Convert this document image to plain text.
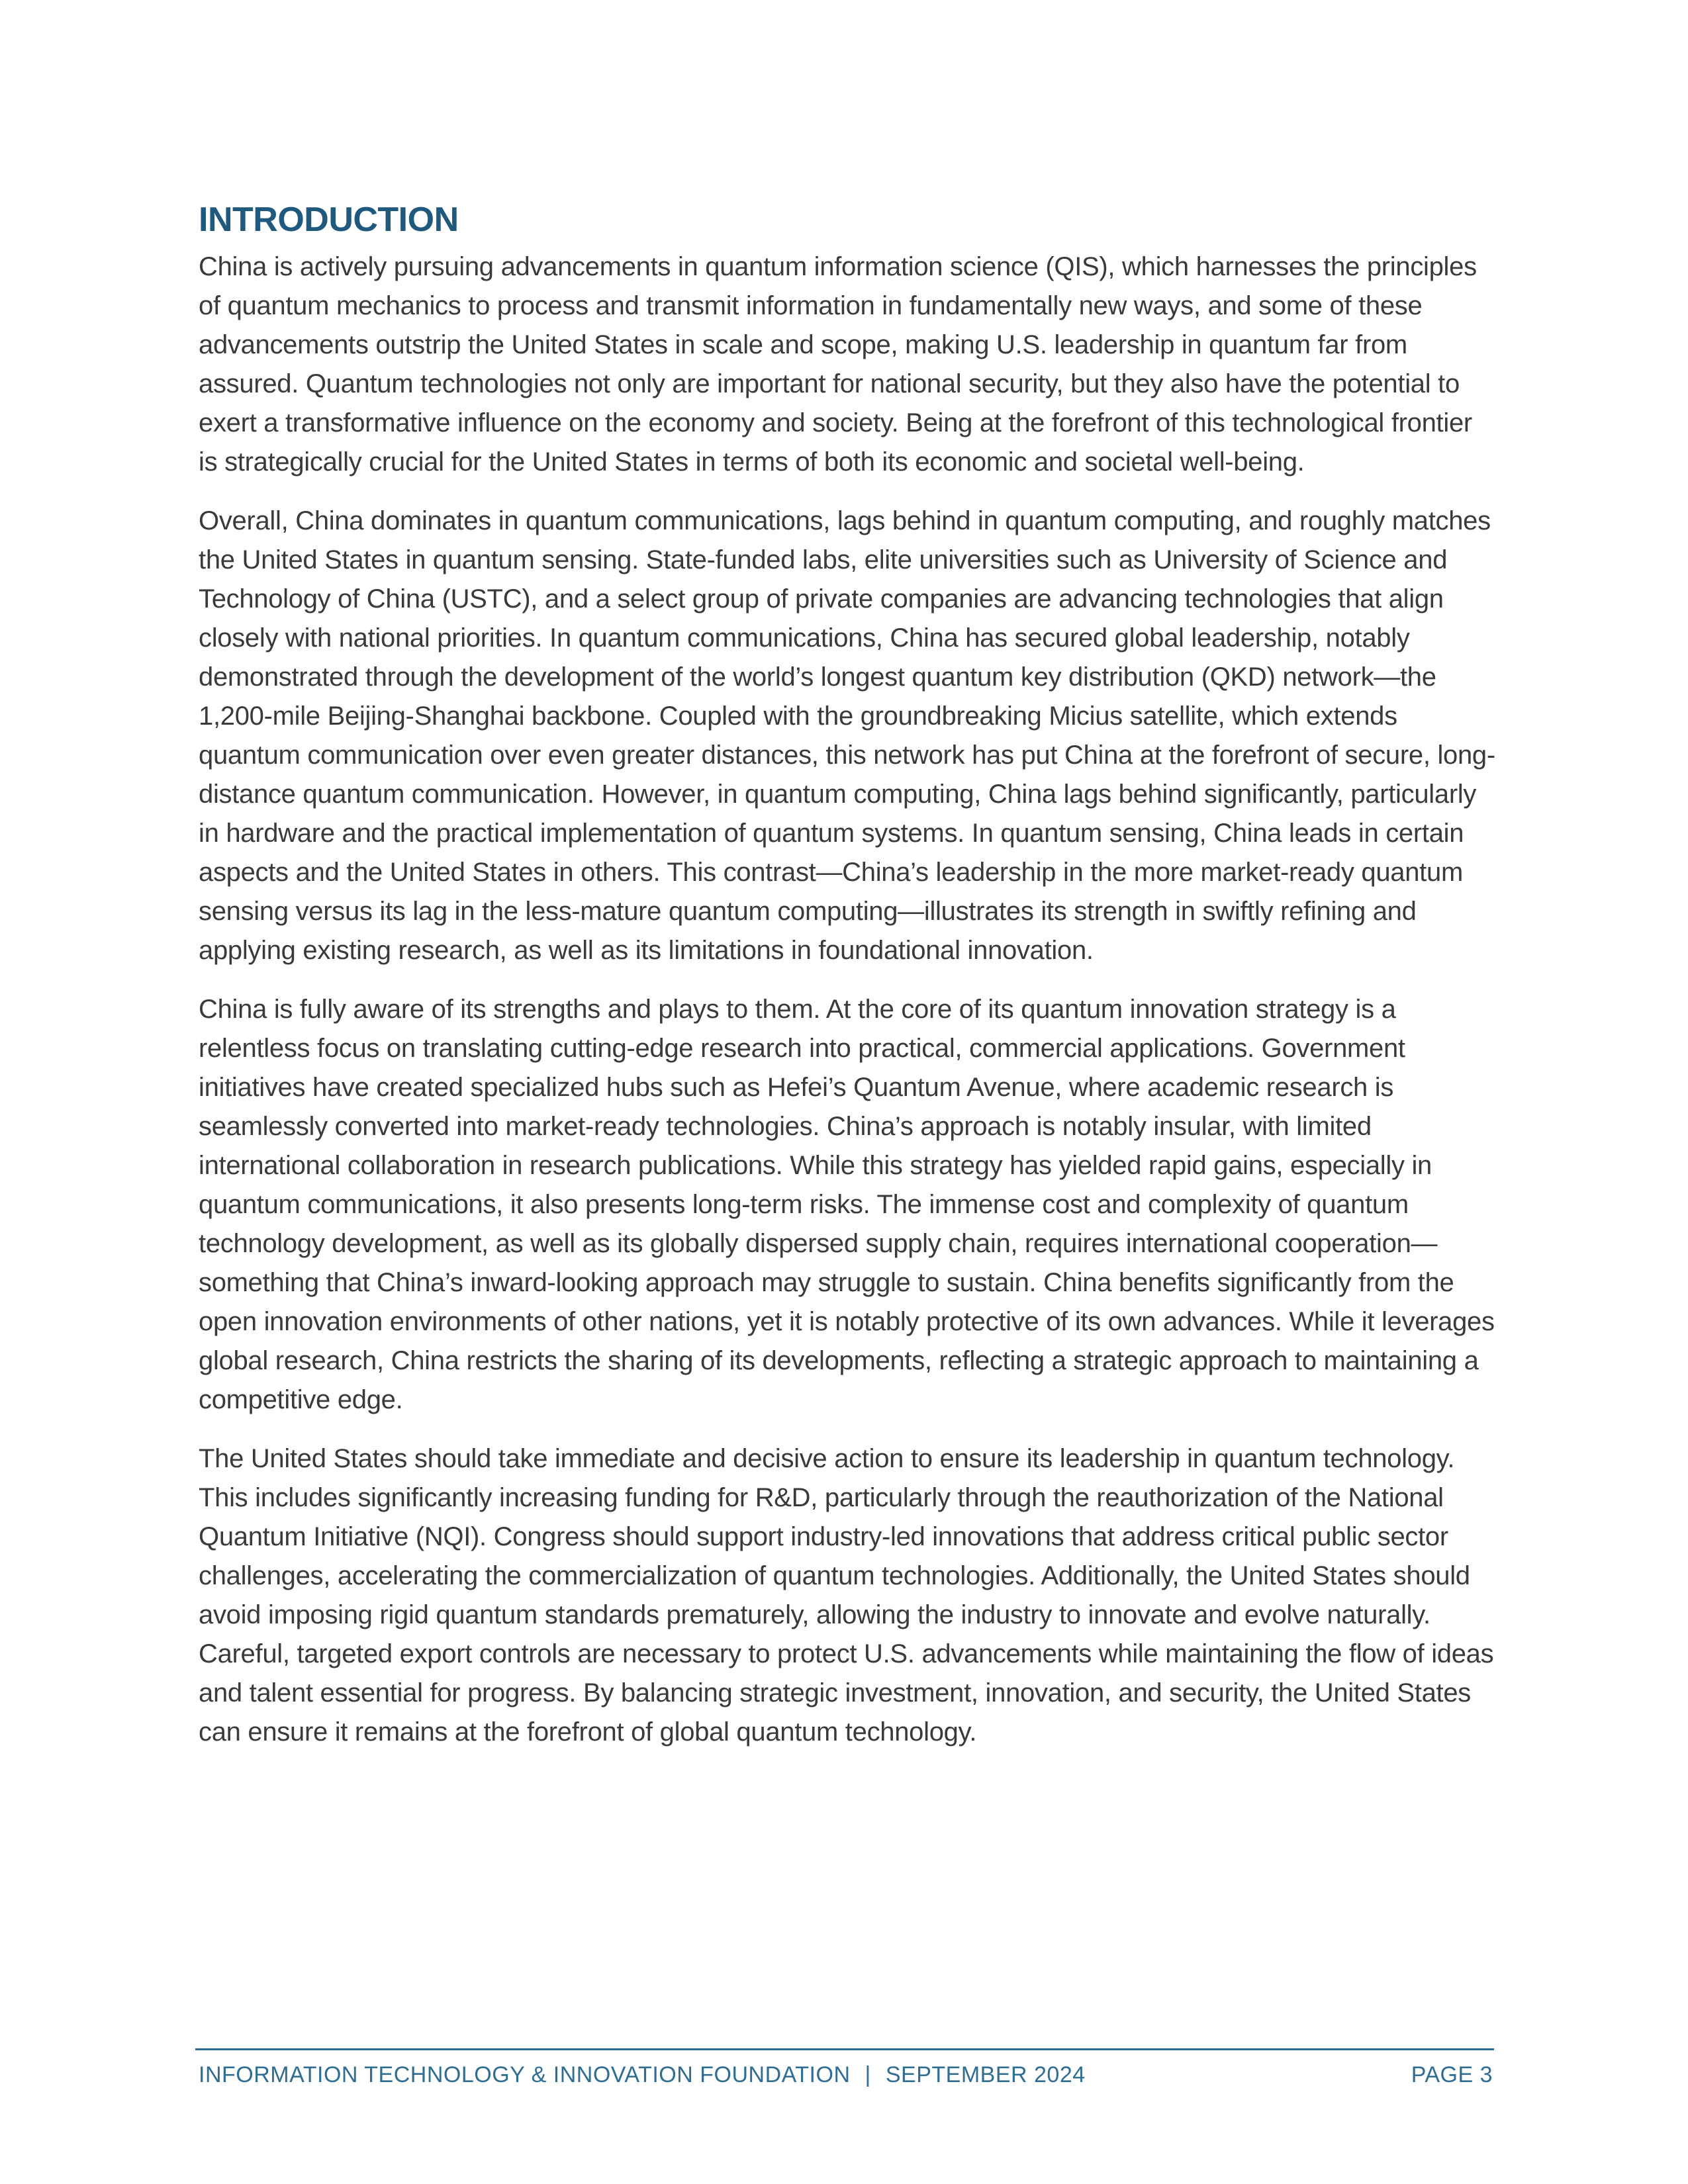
INTRODUCTION

China is actively pursuing advancements in quantum information science (QIS), which harnesses the principles of quantum mechanics to process and transmit information in fundamentally new ways, and some of these advancements outstrip the United States in scale and scope, making U.S. leadership in quantum far from assured. Quantum technologies not only are important for national security, but they also have the potential to exert a transformative influence on the economy and society. Being at the forefront of this technological frontier is strategically crucial for the United States in terms of both its economic and societal well-being.

Overall, China dominates in quantum communications, lags behind in quantum computing, and roughly matches the United States in quantum sensing. State-funded labs, elite universities such as University of Science and Technology of China (USTC), and a select group of private companies are advancing technologies that align closely with national priorities. In quantum communications, China has secured global leadership, notably demonstrated through the development of the world’s longest quantum key distribution (QKD) network—the 1,200-mile Beijing-Shanghai backbone. Coupled with the groundbreaking Micius satellite, which extends quantum communication over even greater distances, this network has put China at the forefront of secure, long-distance quantum communication. However, in quantum computing, China lags behind significantly, particularly in hardware and the practical implementation of quantum systems. In quantum sensing, China leads in certain aspects and the United States in others. This contrast—China’s leadership in the more market-ready quantum sensing versus its lag in the less-mature quantum computing—illustrates its strength in swiftly refining and applying existing research, as well as its limitations in foundational innovation.

China is fully aware of its strengths and plays to them. At the core of its quantum innovation strategy is a relentless focus on translating cutting-edge research into practical, commercial applications. Government initiatives have created specialized hubs such as Hefei’s Quantum Avenue, where academic research is seamlessly converted into market-ready technologies. China’s approach is notably insular, with limited international collaboration in research publications. While this strategy has yielded rapid gains, especially in quantum communications, it also presents long-term risks. The immense cost and complexity of quantum technology development, as well as its globally dispersed supply chain, requires international cooperation—something that China’s inward-looking approach may struggle to sustain. China benefits significantly from the open innovation environments of other nations, yet it is notably protective of its own advances. While it leverages global research, China restricts the sharing of its developments, reflecting a strategic approach to maintaining a competitive edge.

The United States should take immediate and decisive action to ensure its leadership in quantum technology. This includes significantly increasing funding for R&D, particularly through the reauthorization of the National Quantum Initiative (NQI). Congress should support industry-led innovations that address critical public sector challenges, accelerating the commercialization of quantum technologies. Additionally, the United States should avoid imposing rigid quantum standards prematurely, allowing the industry to innovate and evolve naturally. Careful, targeted export controls are necessary to protect U.S. advancements while maintaining the flow of ideas and talent essential for progress. By balancing strategic investment, innovation, and security, the United States can ensure it remains at the forefront of global quantum technology.

INFORMATION TECHNOLOGY & INNOVATION FOUNDATION | SEPTEMBER 2024	PAGE 3
